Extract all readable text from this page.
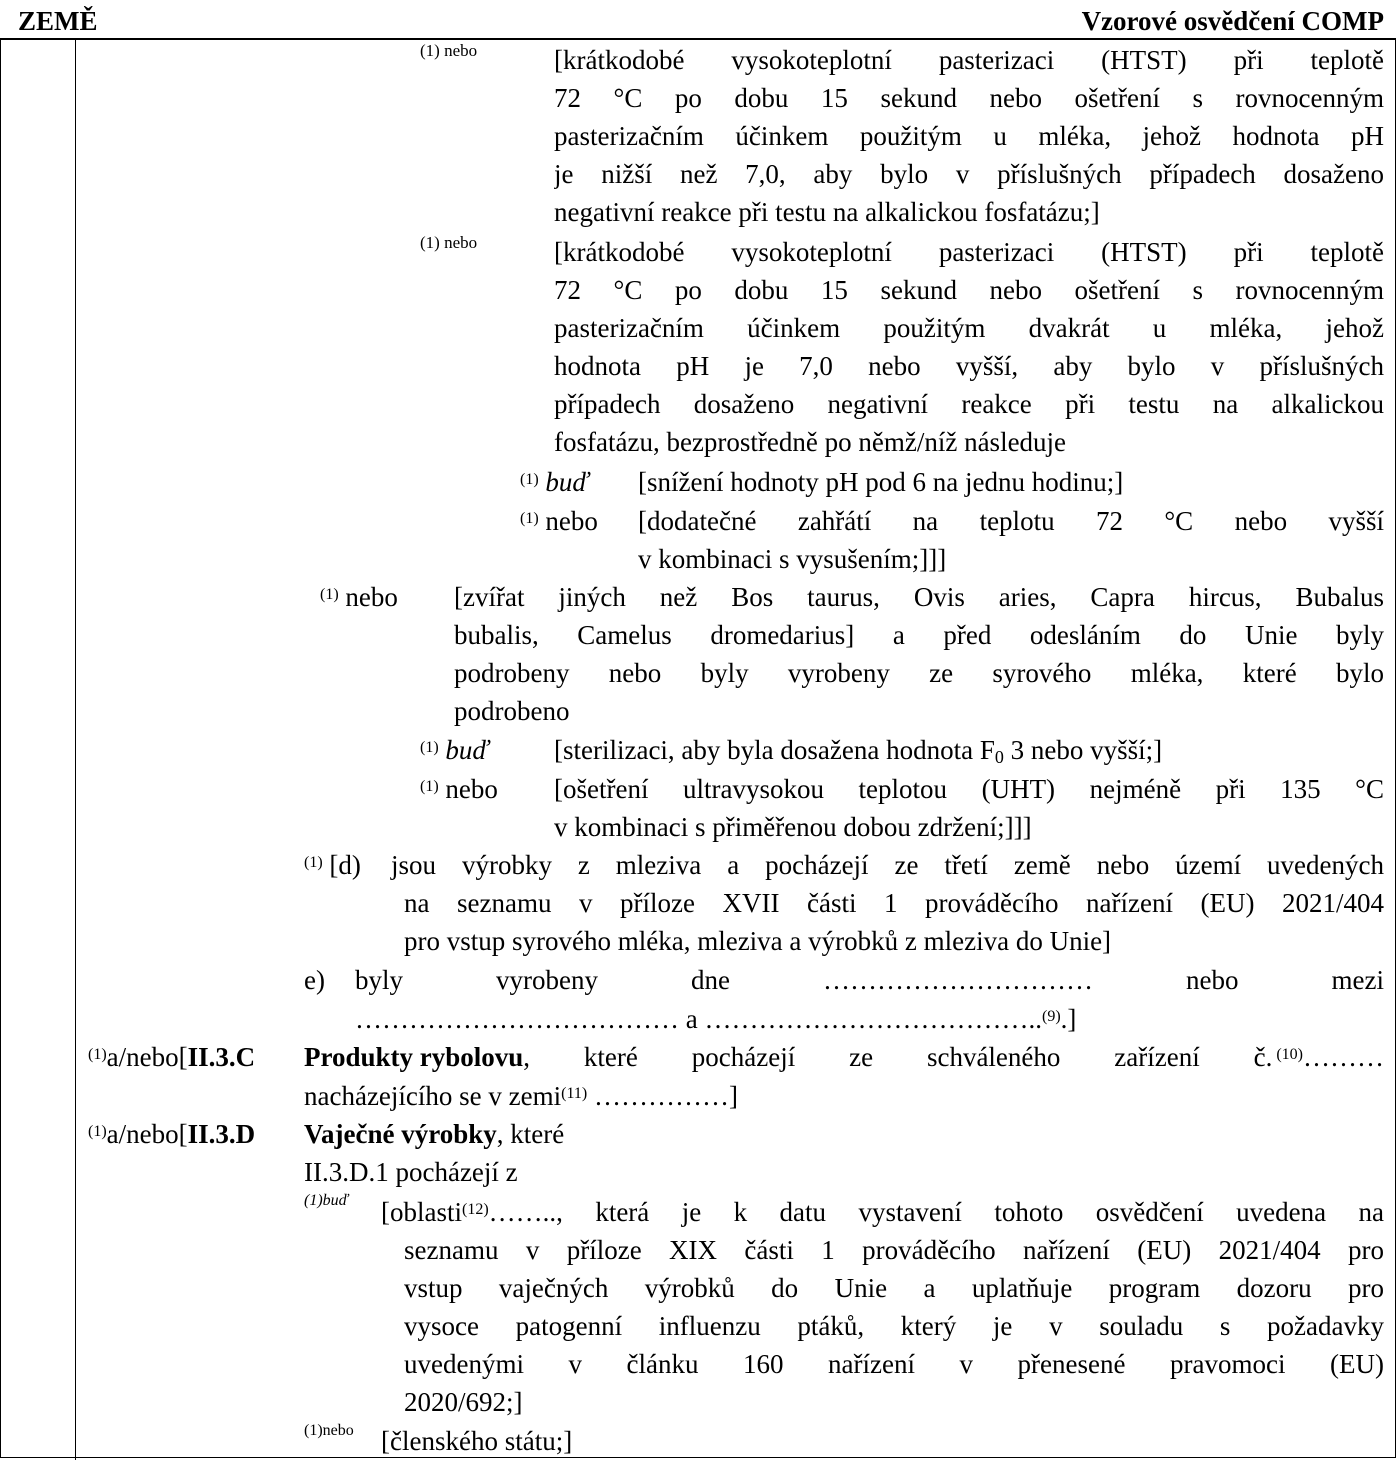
ZEMĚ	Vzorové osvědčení COMP
(1) nebo	[krátkodobé vysokoteplotní pasterizaci (HTST) při teplotě
72 °C po dobu 15 sekund nebo ošetření s rovnocenným
pasterizačním účinkem použitým u mléka, jehož hodnota pH
je nižší než 7,0, aby bylo v příslušných případech dosaženo
negativní reakce při testu na alkalickou fosfatázu;]
(1) nebo	[krátkodobé vysokoteplotní pasterizaci (HTST) při teplotě
72 °C po dobu 15 sekund nebo ošetření s rovnocenným
pasterizačním účinkem použitým dvakrát u mléka, jehož
hodnota pH je 7,0 nebo vyšší, aby bylo v příslušných
případech dosaženo negativní reakce při testu na alkalickou
fosfatázu, bezprostředně po němž/níž následuje
$^{(1)}$ buď [snížení hodnoty pH pod 6 na jednu hodinu;]
$^{(1)}$ nebo [dodatečné zahřátí na teplotu 72 °C nebo vyšší
v kombinaci s vysušením;]]]
$^{(1)}$ nebo [zvířat jiných než Bos taurus, Ovis aries, Capra hircus, Bubalus
bubalis, Camelus dromedarius] a před odesláním do Unie byly
podrobeny nebo byly vyrobeny ze syrového mléka, které bylo
podrobeno
$^{(1)}$ buď [sterilizaci, aby byla dosažena hodnota $F_0$ 3 nebo vyšší;]
$^{(1)}$ nebo [ošetření ultravysokou teplotou (UHT) nejméně při 135 °C
v kombinaci s přiměřenou dobou zdržení;]]]
$^{(1)}$ [d) jsou výrobky z mleziva a pocházejí ze třetí země nebo území uvedených
na seznamu v příloze XVII části 1 prováděcího nařízení (EU) 2021/404
pro vstup syrového mléka, mleziva a výrobků z mleziva do Unie]
e) byly	vyrobeny	dne	…………………………	nebo	mezi
……………………………… a ………………………………..$^{(9)}$.]
$^{(1)}$a/nebo[II.3.C Produkty rybolovu , které pocházejí ze schváleného zařízení č. $^{(10)}$………
nacházejícího se v zemi$^{(11)}$ ……………]
$^{(1)}$a/nebo[II.3.D Vaječné výrobky, které
II.3.D.1 pocházejí z
(1)buď [oblasti$^{(12)}$ …….., která je k datu vystavení tohoto osvědčení uvedena na
seznamu v příloze XIX části 1 prováděcího nařízení (EU) 2021/404 pro
vstup vaječných výrobků do Unie a uplatňuje program dozoru pro
vysoce patogenní influenzu ptáků, který je v souladu s požadavky
uvedenými v článku 160 nařízení v přenesené pravomoci (EU)
2020/692;]
(1)nebo [členského státu;]
